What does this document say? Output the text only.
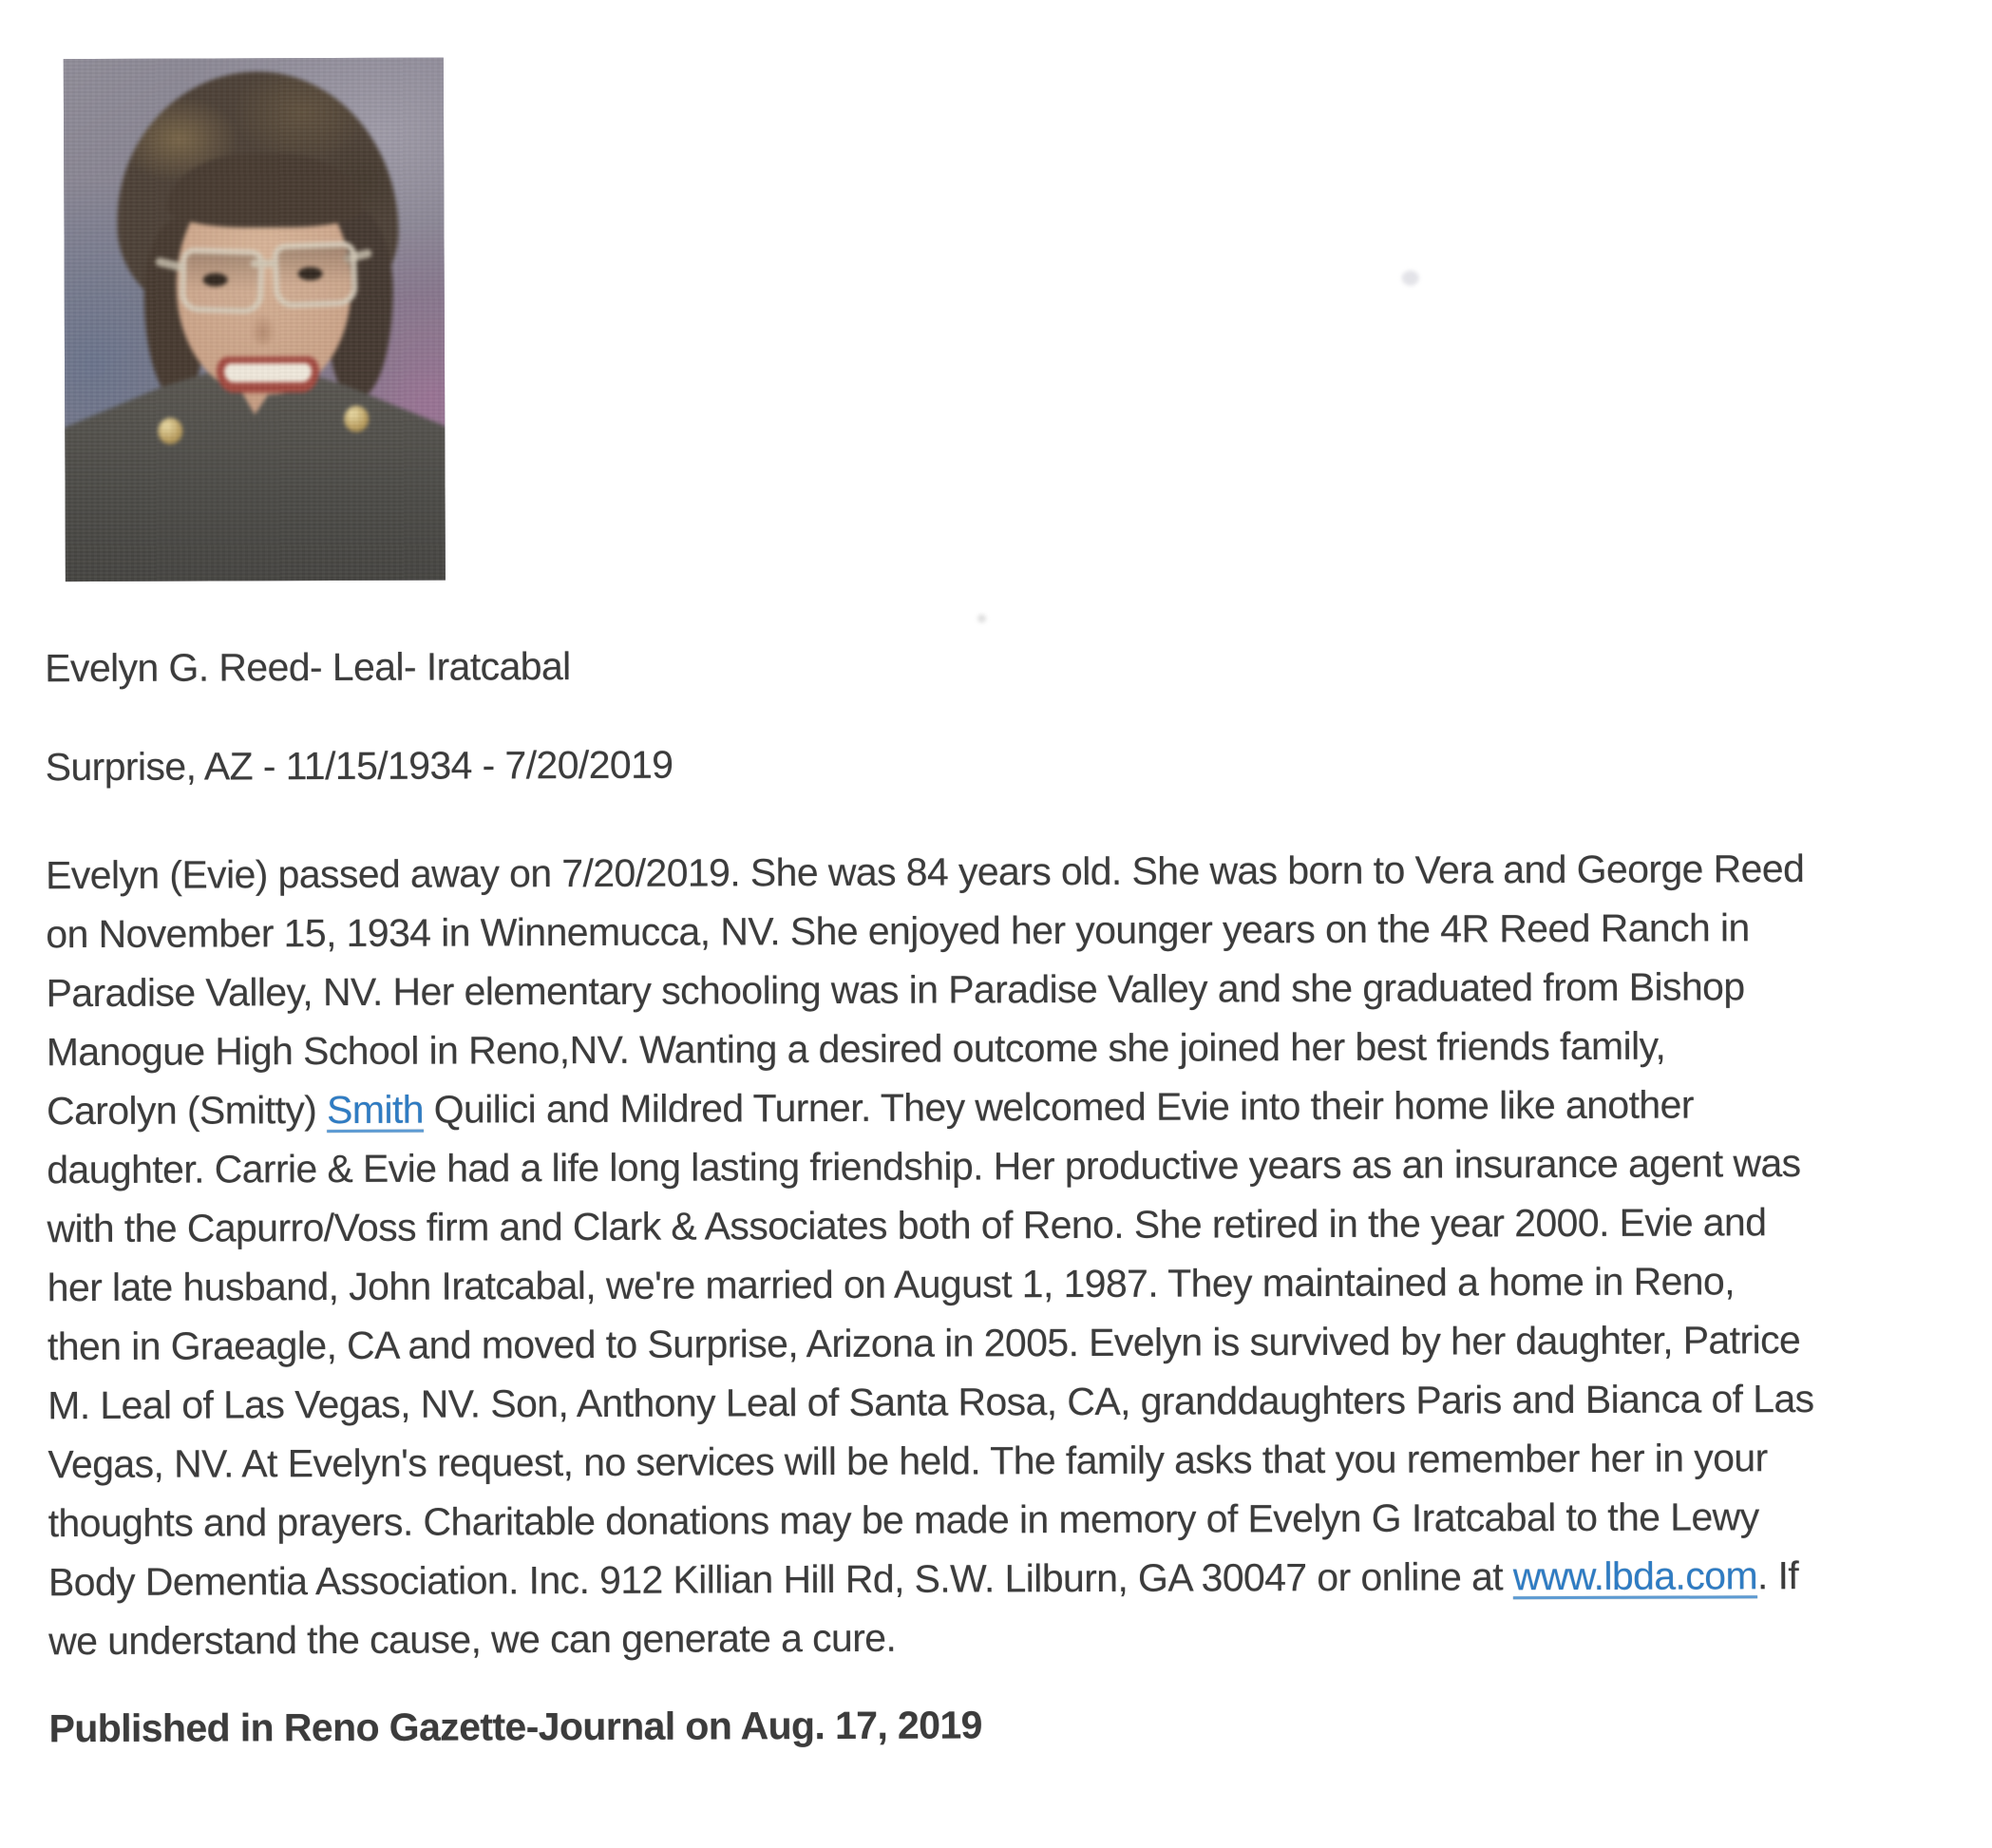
Evelyn G. Reed- Leal- Iratcabal
Surprise, AZ - 11/15/1934 - 7/20/2019
Evelyn (Evie) passed away on 7/20/2019. She was 84 years old. She was born to Vera and George Reed
on November 15, 1934 in Winnemucca, NV. She enjoyed her younger years on the 4R Reed Ranch in
Paradise Valley, NV. Her elementary schooling was in Paradise Valley and she graduated from Bishop
Manogue High School in Reno,NV. Wanting a desired outcome she joined her best friends family,
Carolyn (Smitty) Smith Quilici and Mildred Turner. They welcomed Evie into their home like another
daughter. Carrie & Evie had a life long lasting friendship. Her productive years as an insurance agent was
with the Capurro/Voss firm and Clark & Associates both of Reno. She retired in the year 2000. Evie and
her late husband, John Iratcabal, we're married on August 1, 1987. They maintained a home in Reno,
then in Graeagle, CA and moved to Surprise, Arizona in 2005. Evelyn is survived by her daughter, Patrice
M. Leal of Las Vegas, NV. Son, Anthony Leal of Santa Rosa, CA, granddaughters Paris and Bianca of Las
Vegas, NV. At Evelyn's request, no services will be held. The family asks that you remember her in your
thoughts and prayers. Charitable donations may be made in memory of Evelyn G Iratcabal to the Lewy
Body Dementia Association. Inc. 912 Killian Hill Rd, S.W. Lilburn, GA 30047 or online at www.lbda.com. If
we understand the cause, we can generate a cure.
Published in Reno Gazette-Journal on Aug. 17, 2019
